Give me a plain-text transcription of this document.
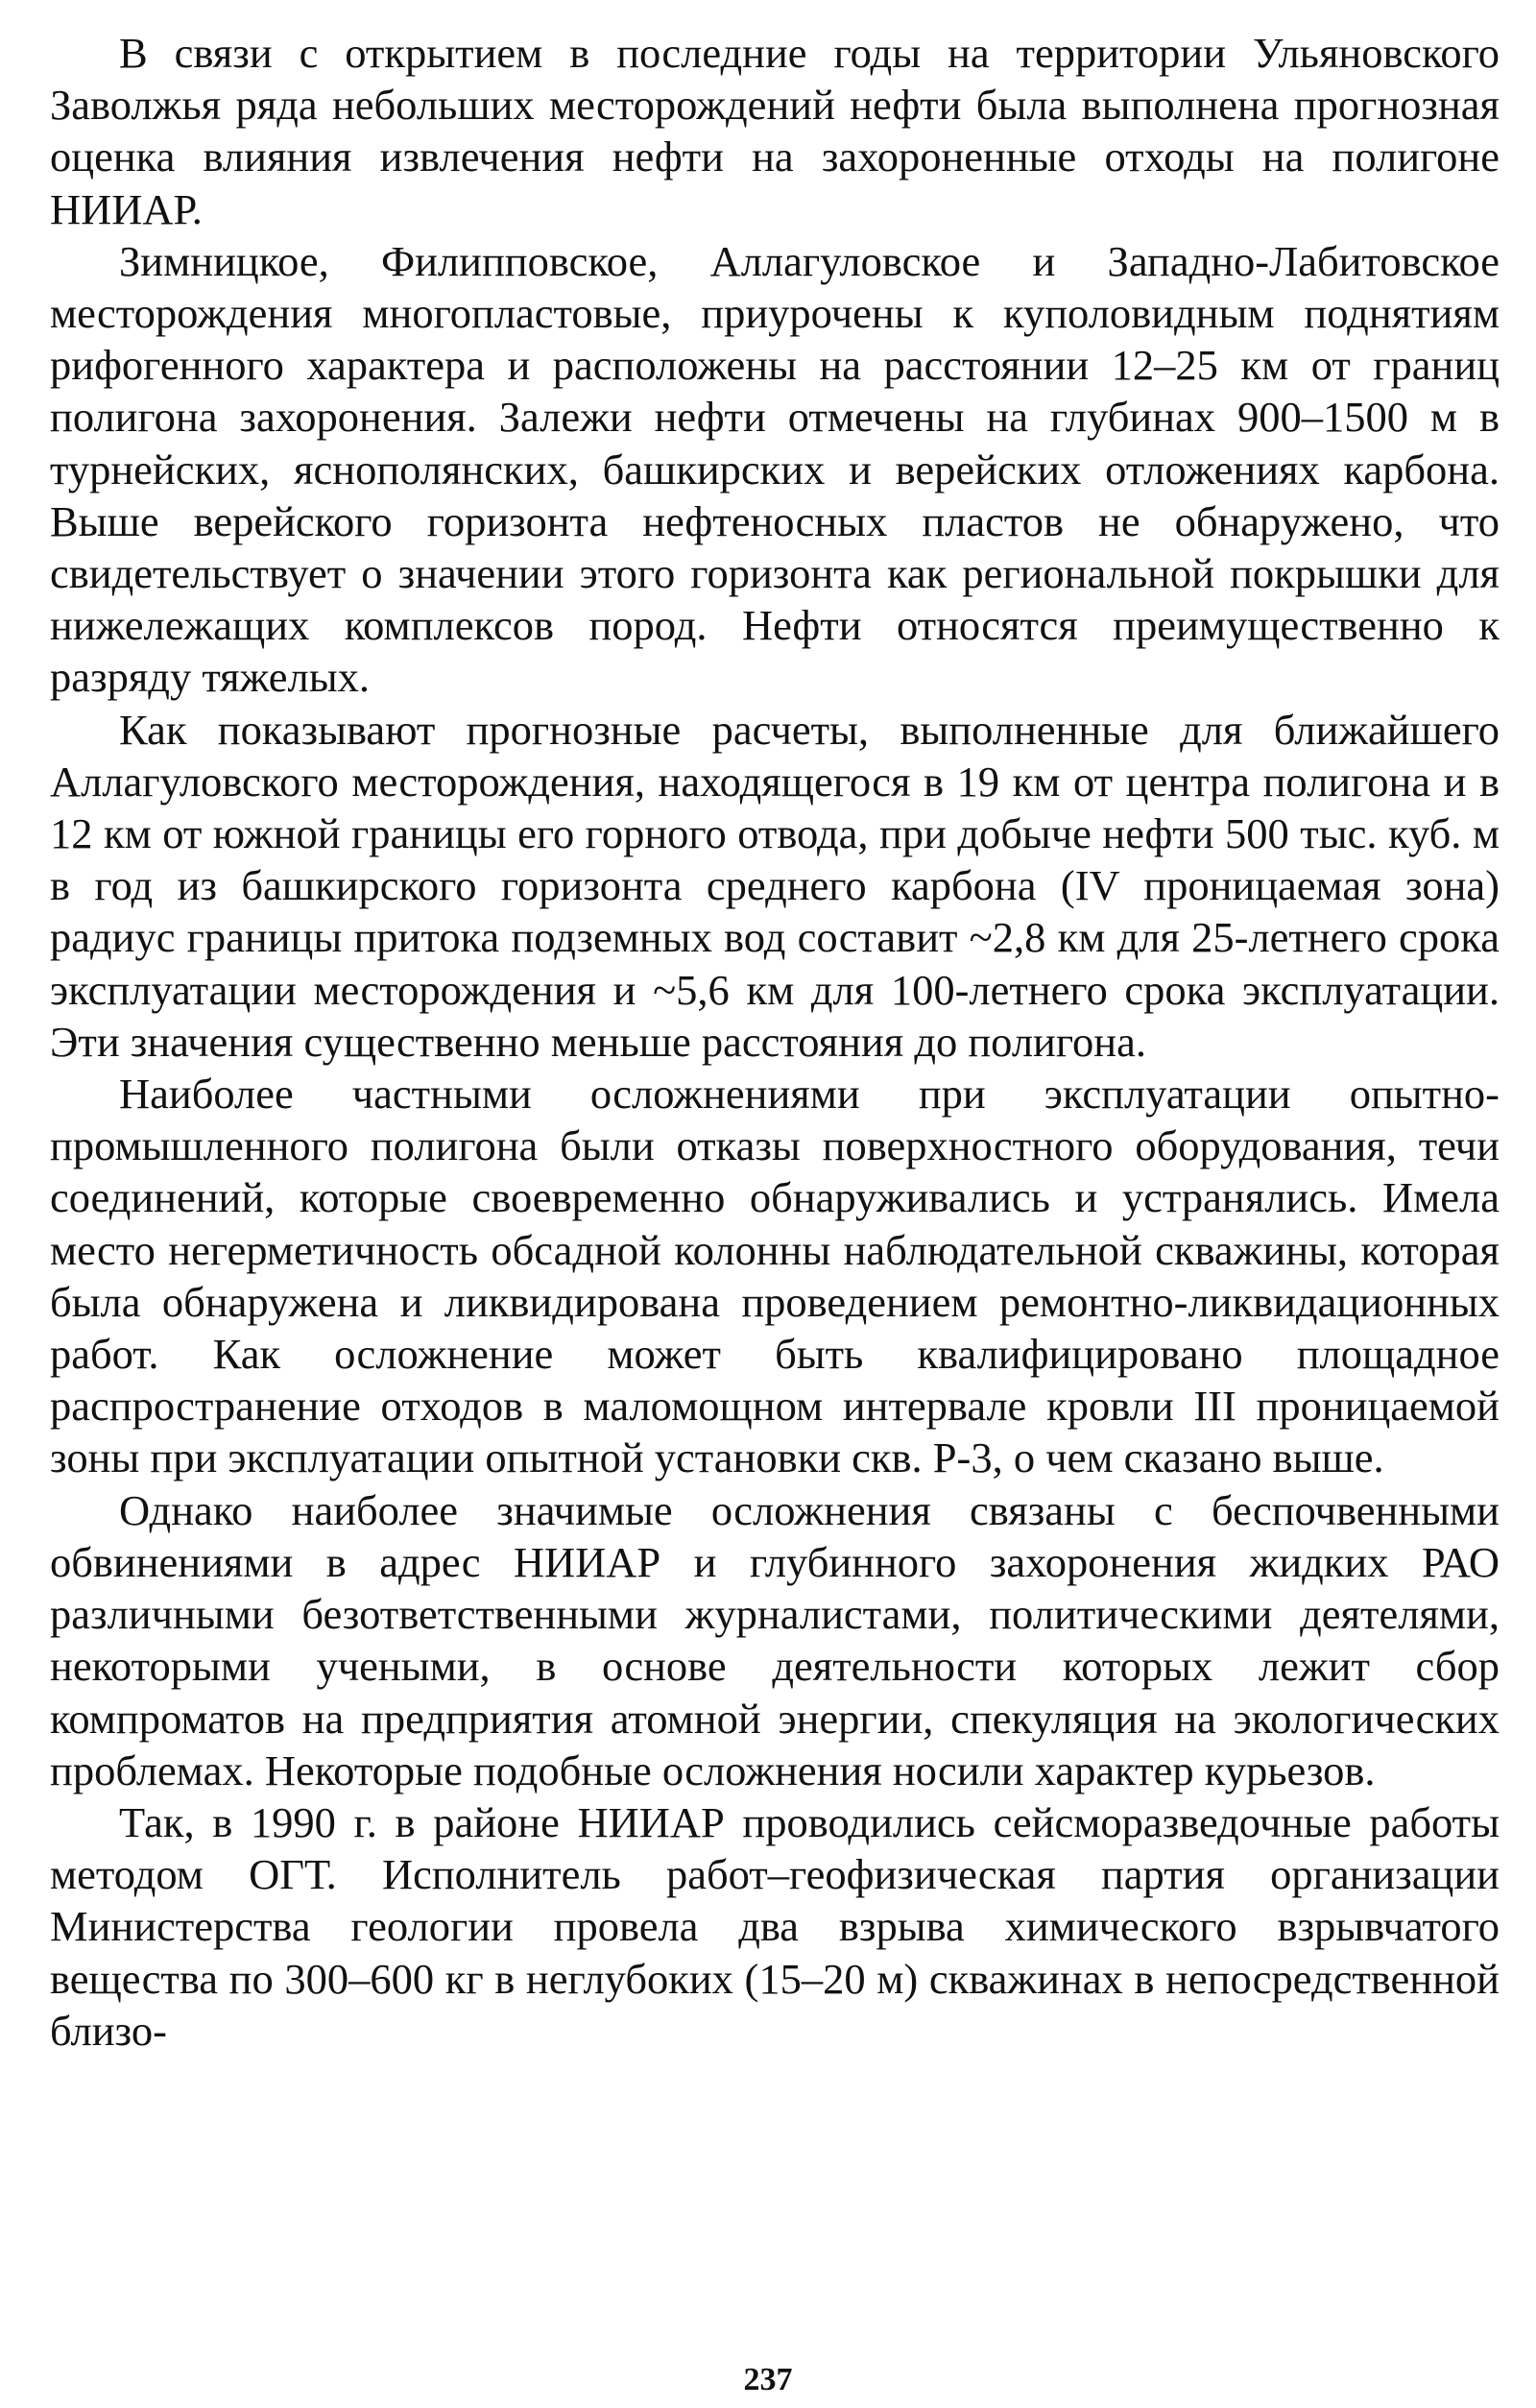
В связи с открытием в последние годы на территории Ульяновского Заволжья ряда небольших месторождений нефти была выполнена прогнозная оценка влияния извлечения нефти на захороненные отходы на полигоне НИИАР.

Зимницкое, Филипповское, Аллагуловское и Западно-Лабитовское месторождения многопластовые, приурочены к куполовидным поднятиям рифогенного характера и расположены на расстоянии 12–25 км от границ полигона захоронения. Залежи нефти отмечены на глубинах 900–1500 м в турнейских, яснополянских, башкирских и верейских отложениях карбона. Выше верейского горизонта нефтеносных пластов не обнаружено, что свидетельствует о значении этого горизонта как региональной покрышки для нижележащих комплексов пород. Нефти относятся преимущественно к разряду тяжелых.

Как показывают прогнозные расчеты, выполненные для ближайшего Аллагуловского месторождения, находящегося в 19 км от центра полигона и в 12 км от южной границы его горного отвода, при добыче нефти 500 тыс. куб. м в год из башкирского горизонта среднего карбона (IV проницаемая зона) радиус границы притока подземных вод составит ~2,8 км для 25-летнего срока эксплуатации месторождения и ~5,6 км для 100-летнего срока эксплуатации. Эти значения существенно меньше расстояния до полигона.

Наиболее частными осложнениями при эксплуатации опытно-промышленного полигона были отказы поверхностного оборудования, течи соединений, которые своевременно обнаруживались и устранялись. Имела место негерметичность обсадной колонны наблюдательной скважины, которая была обнаружена и ликвидирована проведением ремонтно-ликвидационных работ. Как осложнение может быть квалифицировано площадное распространение отходов в маломощном интервале кровли III проницаемой зоны при эксплуатации опытной установки скв. Р-3, о чем сказано выше.

Однако наиболее значимые осложнения связаны с беспочвенными обвинениями в адрес НИИАР и глубинного захоронения жидких РАО различными безответственными журналистами, политическими деятелями, некоторыми учеными, в основе деятельности которых лежит сбор компроматов на предприятия атомной энергии, спекуляция на экологических проблемах. Некоторые подобные осложнения носили характер курьезов.

Так, в 1990 г. в районе НИИАР проводились сейсморазведочные работы методом ОГТ. Исполнитель работ–геофизическая партия организации Министерства геологии провела два взрыва химического взрывчатого вещества по 300–600 кг в неглубоких (15–20 м) скважинах в непосредственной близо-

237
